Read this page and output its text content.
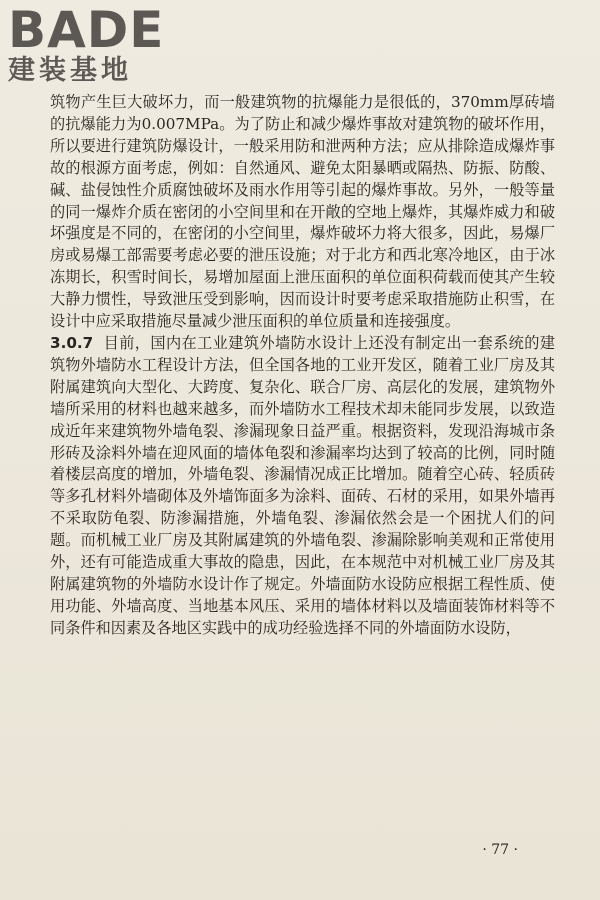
BADE
建装基地

筑物产生巨大破坏力，而一般建筑物的抗爆能力是很低的，370mm厚砖墙的抗爆能力为0.007MPa。为了防止和减少爆炸事故对建筑物的破坏作用，所以要进行建筑防爆设计，一般采用防和泄两种方法；应从排除造成爆炸事故的根源方面考虑，例如：自然通风、避免太阳暴晒或隔热、防振、防酸、碱、盐侵蚀性介质腐蚀破坏及雨水作用等引起的爆炸事故。另外，一般等量的同一爆炸介质在密闭的小空间里和在开敞的空地上爆炸，其爆炸威力和破坏强度是不同的，在密闭的小空间里，爆炸破坏力将大很多，因此，易爆厂房或易爆工部需要考虑必要的泄压设施；对于北方和西北寒冷地区，由于冰冻期长，积雪时间长，易增加屋面上泄压面积的单位面积荷载而使其产生较大静力惯性，导致泄压受到影响，因而设计时要考虑采取措施防止积雪，在设计中应采取措施尽量减少泄压面积的单位质量和连接强度。

3.0.7 目前，国内在工业建筑外墙防水设计上还没有制定出一套系统的建筑物外墙防水工程设计方法，但全国各地的工业开发区，随着工业厂房及其附属建筑向大型化、大跨度、复杂化、联合厂房、高层化的发展，建筑物外墙所采用的材料也越来越多，而外墙防水工程技术却未能同步发展，以致造成近年来建筑物外墙龟裂、渗漏现象日益严重。根据资料，发现沿海城市条形砖及涂料外墙在迎风面的墙体龟裂和渗漏率均达到了较高的比例，同时随着楼层高度的增加，外墙龟裂、渗漏情况成正比增加。随着空心砖、轻质砖等多孔材料外墙砌体及外墙饰面多为涂料、面砖、石材的采用，如果外墙再不采取防龟裂、防渗漏措施，外墙龟裂、渗漏依然会是一个困扰人们的问题。而机械工业厂房及其附属建筑的外墙龟裂、渗漏除影响美观和正常使用外，还有可能造成重大事故的隐患，因此，在本规范中对机械工业厂房及其附属建筑物的外墙防水设计作了规定。外墙面防水设防应根据工程性质、使用功能、外墙高度、当地基本风压、采用的墙体材料以及墙面装饰材料等不同条件和因素及各地区实践中的成功经验选择不同的外墙面防水设防，

· 77 ·
